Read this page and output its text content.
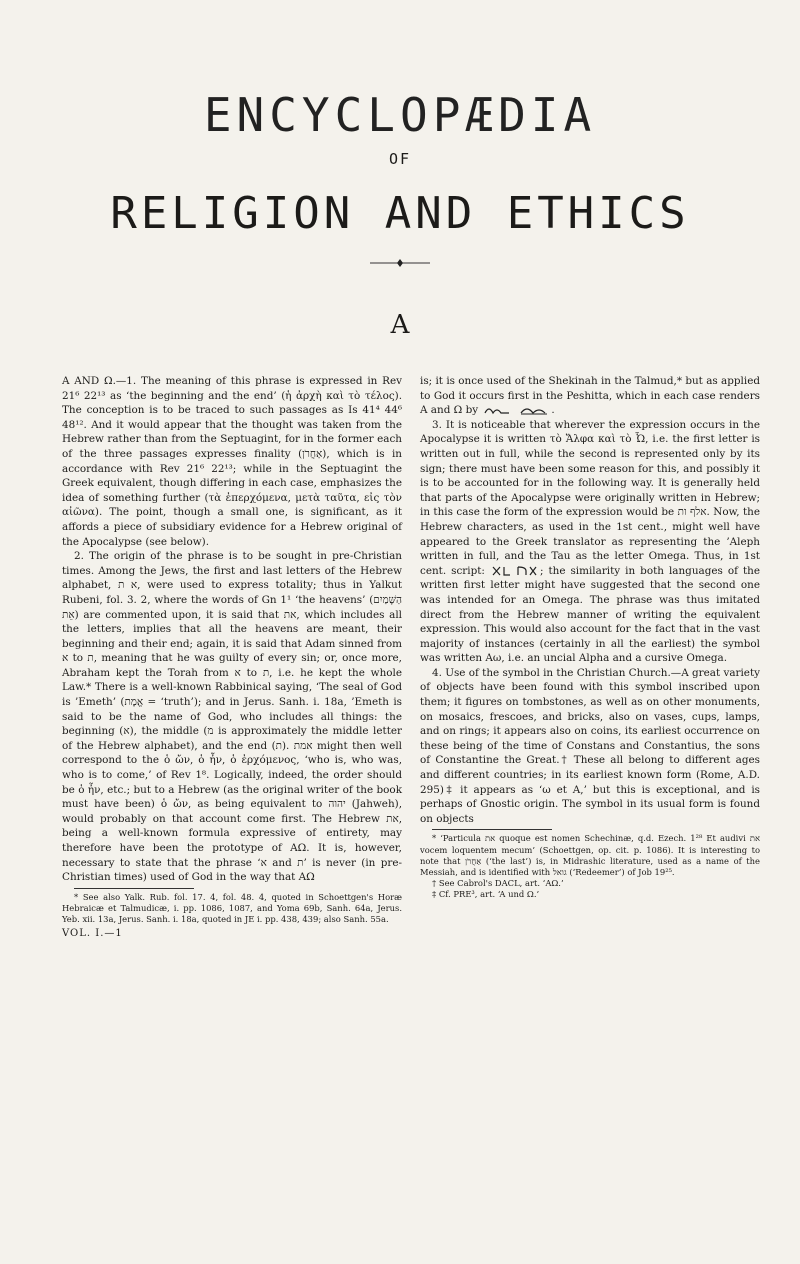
ENCYCLOPÆDIA
OF
RELIGION AND ETHICS
A

A AND Ω.—1. The meaning of this phrase is expressed in Rev 21⁶ 22¹³ as ‘the beginning and the end’ (ἡ ἀρχὴ καὶ τὸ τέλος). The conception is to be traced to such passages as Is 41⁴ 44⁶ 48¹². And it would appear that the thought was taken from the Hebrew rather than from the Septuagint, for in the former each of the three passages expresses finality (אַחֲרֹן), which is in accordance with Rev 21⁶ 22¹³; while in the Septuagint the Greek equivalent, though differing in each case, emphasizes the idea of something further (τὰ ἐπερχόμενα, μετὰ ταῦτα, εἰς τὸν αἰῶνα). The point, though a small one, is significant, as it affords a piece of subsidiary evidence for a Hebrew original of the Apocalypse (see below).

2. The origin of the phrase is to be sought in pre-Christian times. Among the Jews, the first and last letters of the Hebrew alphabet, א ת, were used to express totality; thus in Yalkut Rubeni, fol. 3. 2, where the words of Gn 1¹ ‘the heavens’ (הַשָּׁמַיִם אֵת) are commented upon, it is said that את, which includes all the letters, implies that all the heavens are meant, their beginning and their end; again, it is said that Adam sinned from א to ת, meaning that he was guilty of every sin; or, once more, Abraham kept the Torah from א to ת, i.e. he kept the whole Law.* There is a well-known Rabbinical saying, ‘The seal of God is ’Emeth’ (אֱמֶת = ‘truth’); and in Jerus. Sanh. i. 18a, ’Emeth is said to be the name of God, who includes all things: the beginning (א), the middle (מ is approximately the middle letter of the Hebrew alphabet), and the end (ת). אמת might then well correspond to the ὁ ὤν, ὁ ἦν, ὁ ἐρχόμενος, ‘who is, who was, who is to come,’ of Rev 1⁸. Logically, indeed, the order should be ὁ ἦν, etc.; but to a Hebrew (as the original writer of the book must have been) ὁ ὤν, as being equivalent to יהוה (Jahweh), would probably on that account come first. The Hebrew את, being a well-known formula expressive of entirety, may therefore have been the prototype of ΑΩ. It is, however, necessary to state that the phrase ‘א and ת’ is never (in pre-Christian times) used of God in the way that ΑΩ

* See also Yalk. Rub. fol. 17. 4, fol. 48. 4, quoted in Schoettgen's Horæ Hebraicæ et Talmudicæ, i. pp. 1086, 1087, and Yoma 69b, Sanh. 64a, Jerus. Yeb. xii. 13a, Jerus. Sanh. i. 18a, quoted in JE i. pp. 438, 439; also Sanh. 55a.

VOL. I.—1

is; it is once used of the Shekinah in the Talmud,* but as applied to God it occurs first in the Peshitta, which in each case renders A and Ω by	.

3. It is noticeable that wherever the expression occurs in the Apocalypse it is written τὸ Ἄλφα καὶ τὸ Ὦ, i.e. the first letter is written out in full, while the second is represented only by its sign; there must have been some reason for this, and possibly it is to be accounted for in the following way. It is generally held that parts of the Apocalypse were originally written in Hebrew; in this case the form of the expression would be אלף ות. Now, the Hebrew characters, as used in the 1st cent., might well have appeared to the Greek translator as representing the ’Aleph written in full, and the Tau as the letter Omega. Thus, in 1st cent. script:	; the similarity in both languages of the written first letter might have suggested that the second one was intended for an Omega. The phrase was thus imitated direct from the Hebrew manner of writing the equivalent expression. This would also account for the fact that in the vast majority of instances (certainly in all the earliest) the symbol was written Αω, i.e. an uncial Alpha and a cursive Omega.

4. Use of the symbol in the Christian Church.—A great variety of objects have been found with this symbol inscribed upon them; it figures on tombstones, as well as on other monuments, on mosaics, frescoes, and bricks, also on vases, cups, lamps, and on rings; it appears also on coins, its earliest occurrence on these being of the time of Constans and Constantius, the sons of Constantine the Great.† These all belong to different ages and different countries; in its earliest known form (Rome, A.D. 295)‡ it appears as ‘ω et A,’ but this is exceptional, and is perhaps of Gnostic origin. The symbol in its usual form is found on objects

* ‘Particula את quoque est nomen Schechinæ, q.d. Ezech. 1²⁸ Et audivi את vocem loquentem mecum’ (Schoettgen, op. cit. p. 1086). It is interesting to note that אַחֲרֹן (‘the last’) is, in Midrashic literature, used as a name of the Messiah, and is identified with גואל (‘Redeemer’) of Job 19²⁵.

† See Cabrol's DACL, art. ‘ΑΩ.’

‡ Cf. PRE³, art. ‘A und Ω.’
